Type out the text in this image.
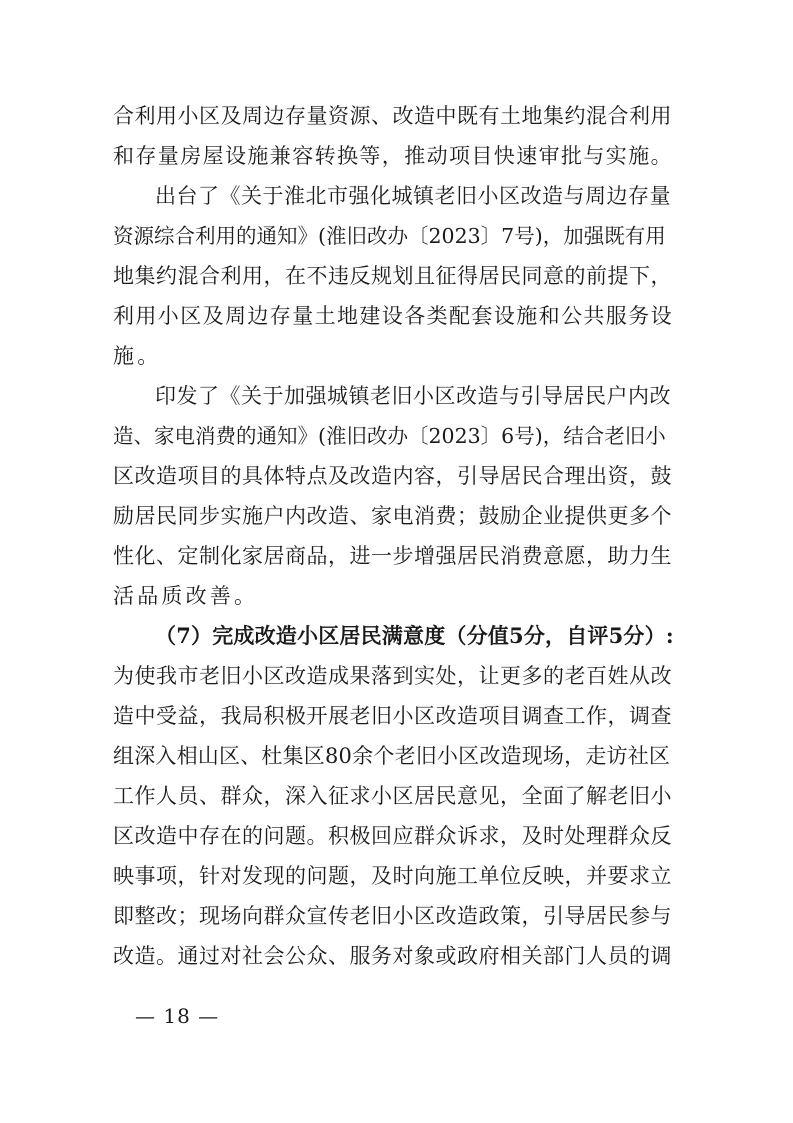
合利用小区及周边存量资源、改造中既有土地集约混合利用
和存量房屋设施兼容转换等，推动项目快速审批与实施。
出台了《关于淮北市强化城镇老旧小区改造与周边存量
资源综合利用的通知》(淮旧改办〔2023〕7号)，加强既有用
地集约混合利用，在不违反规划且征得居民同意的前提下，
利用小区及周边存量土地建设各类配套设施和公共服务设
施。
印发了《关于加强城镇老旧小区改造与引导居民户内改
造、家电消费的通知》(淮旧改办〔2023〕6号)，结合老旧小
区改造项目的具体特点及改造内容，引导居民合理出资，鼓
励居民同步实施户内改造、家电消费；鼓励企业提供更多个
性化、定制化家居商品，进一步增强居民消费意愿，助力生
活品质改善。
（7）完成改造小区居民满意度（分值5分，自评5分）:
为使我市老旧小区改造成果落到实处，让更多的老百姓从改
造中受益，我局积极开展老旧小区改造项目调查工作，调查
组深入相山区、杜集区80余个老旧小区改造现场，走访社区
工作人员、群众，深入征求小区居民意见，全面了解老旧小
区改造中存在的问题。积极回应群众诉求，及时处理群众反
映事项，针对发现的问题，及时向施工单位反映，并要求立
即整改；现场向群众宣传老旧小区改造政策，引导居民参与
改造。通过对社会公众、服务对象或政府相关部门人员的调
— 18 —
